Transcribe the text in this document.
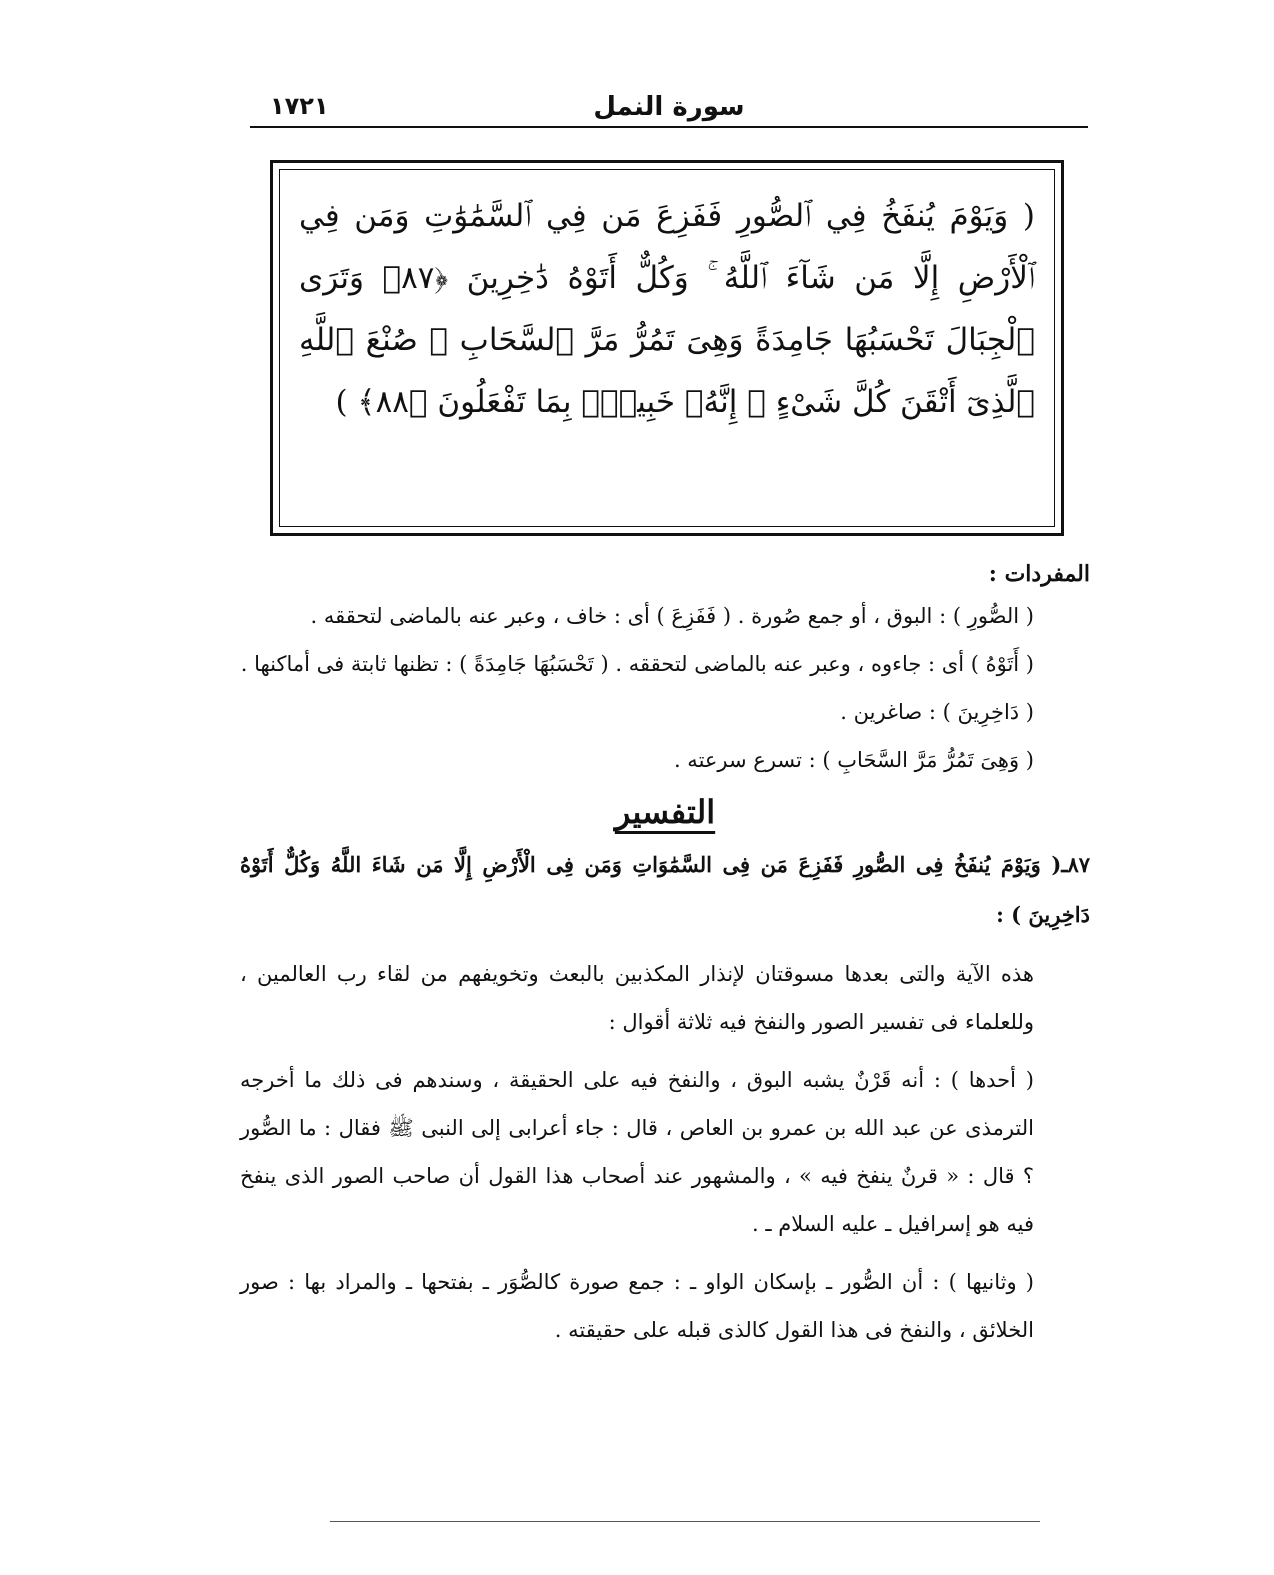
سورة النمل
١٧٢١
( وَيَوْمَ يُنفَخُ فِي ٱلصُّورِ فَفَزِعَ مَن فِي ٱلسَّمَٰوَٰتِ وَمَن فِي ٱلْأَرْضِ إِلَّا مَن شَآءَ ٱللَّهُ ۚ وَكُلٌّ أَتَوْهُ دَٰخِرِينَ ﴿٨٧﴾ وَتَرَى ٱلْجِبَالَ تَحْسَبُهَا جَامِدَةً وَهِىَ تَمُرُّ مَرَّ ٱلسَّحَابِ ۚ صُنْعَ ٱللَّهِ ٱلَّذِىٓ أَتْقَنَ كُلَّ شَىْءٍ ۚ إِنَّهُۥ خَبِيرٌۢ بِمَا تَفْعَلُونَ ﴿٨٨﴾ )

المفردات :

( الصُّورِ ) : البوق ، أو جمع صُورة . ( فَفَزِعَ ) أى : خاف ، وعبر عنه بالماضى لتحققه .

( أَتَوْهُ ) أى : جاءوه ، وعبر عنه بالماضى لتحققه . ( تَحْسَبُهَا جَامِدَةً ) : تظنها ثابتة فى أماكنها .

( دَاخِرِينَ ) : صاغرين .

( وَهِىَ تَمُرُّ مَرَّ السَّحَابِ ) : تسرع سرعته .

التفسير

٨٧ـ( وَيَوْمَ يُنفَخُ فِى الصُّورِ فَفَزِعَ مَن فِى السَّمَٰوَاتِ وَمَن فِى الْأَرْضِ إِلَّا مَن شَاءَ اللَّهُ وَكُلٌّ أَتَوْهُ دَاخِرِينَ ) :

هذه الآية والتى بعدها مسوقتان لإنذار المكذبين بالبعث وتخويفهم من لقاء رب العالمين ، وللعلماء فى تفسير الصور والنفخ فيه ثلاثة أقوال :

( أحدها ) : أنه قَرْنٌ يشبه البوق ، والنفخ فيه على الحقيقة ، وسندهم فى ذلك ما أخرجه الترمذى عن عبد الله بن عمرو بن العاص ، قال : جاء أعرابى إلى النبى ﷺ فقال : ما الصُّور ؟ قال : « قرنٌ ينفخ فيه » ، والمشهور عند أصحاب هذا القول أن صاحب الصور الذى ينفخ فيه هو إسرافيل ـ عليه السلام ـ .

( وثانيها ) : أن الصُّور ـ بإسكان الواو ـ : جمع صورة كالصُّوَر ـ بفتحها ـ والمراد بها : صور الخلائق ، والنفخ فى هذا القول كالذى قبله على حقيقته .
